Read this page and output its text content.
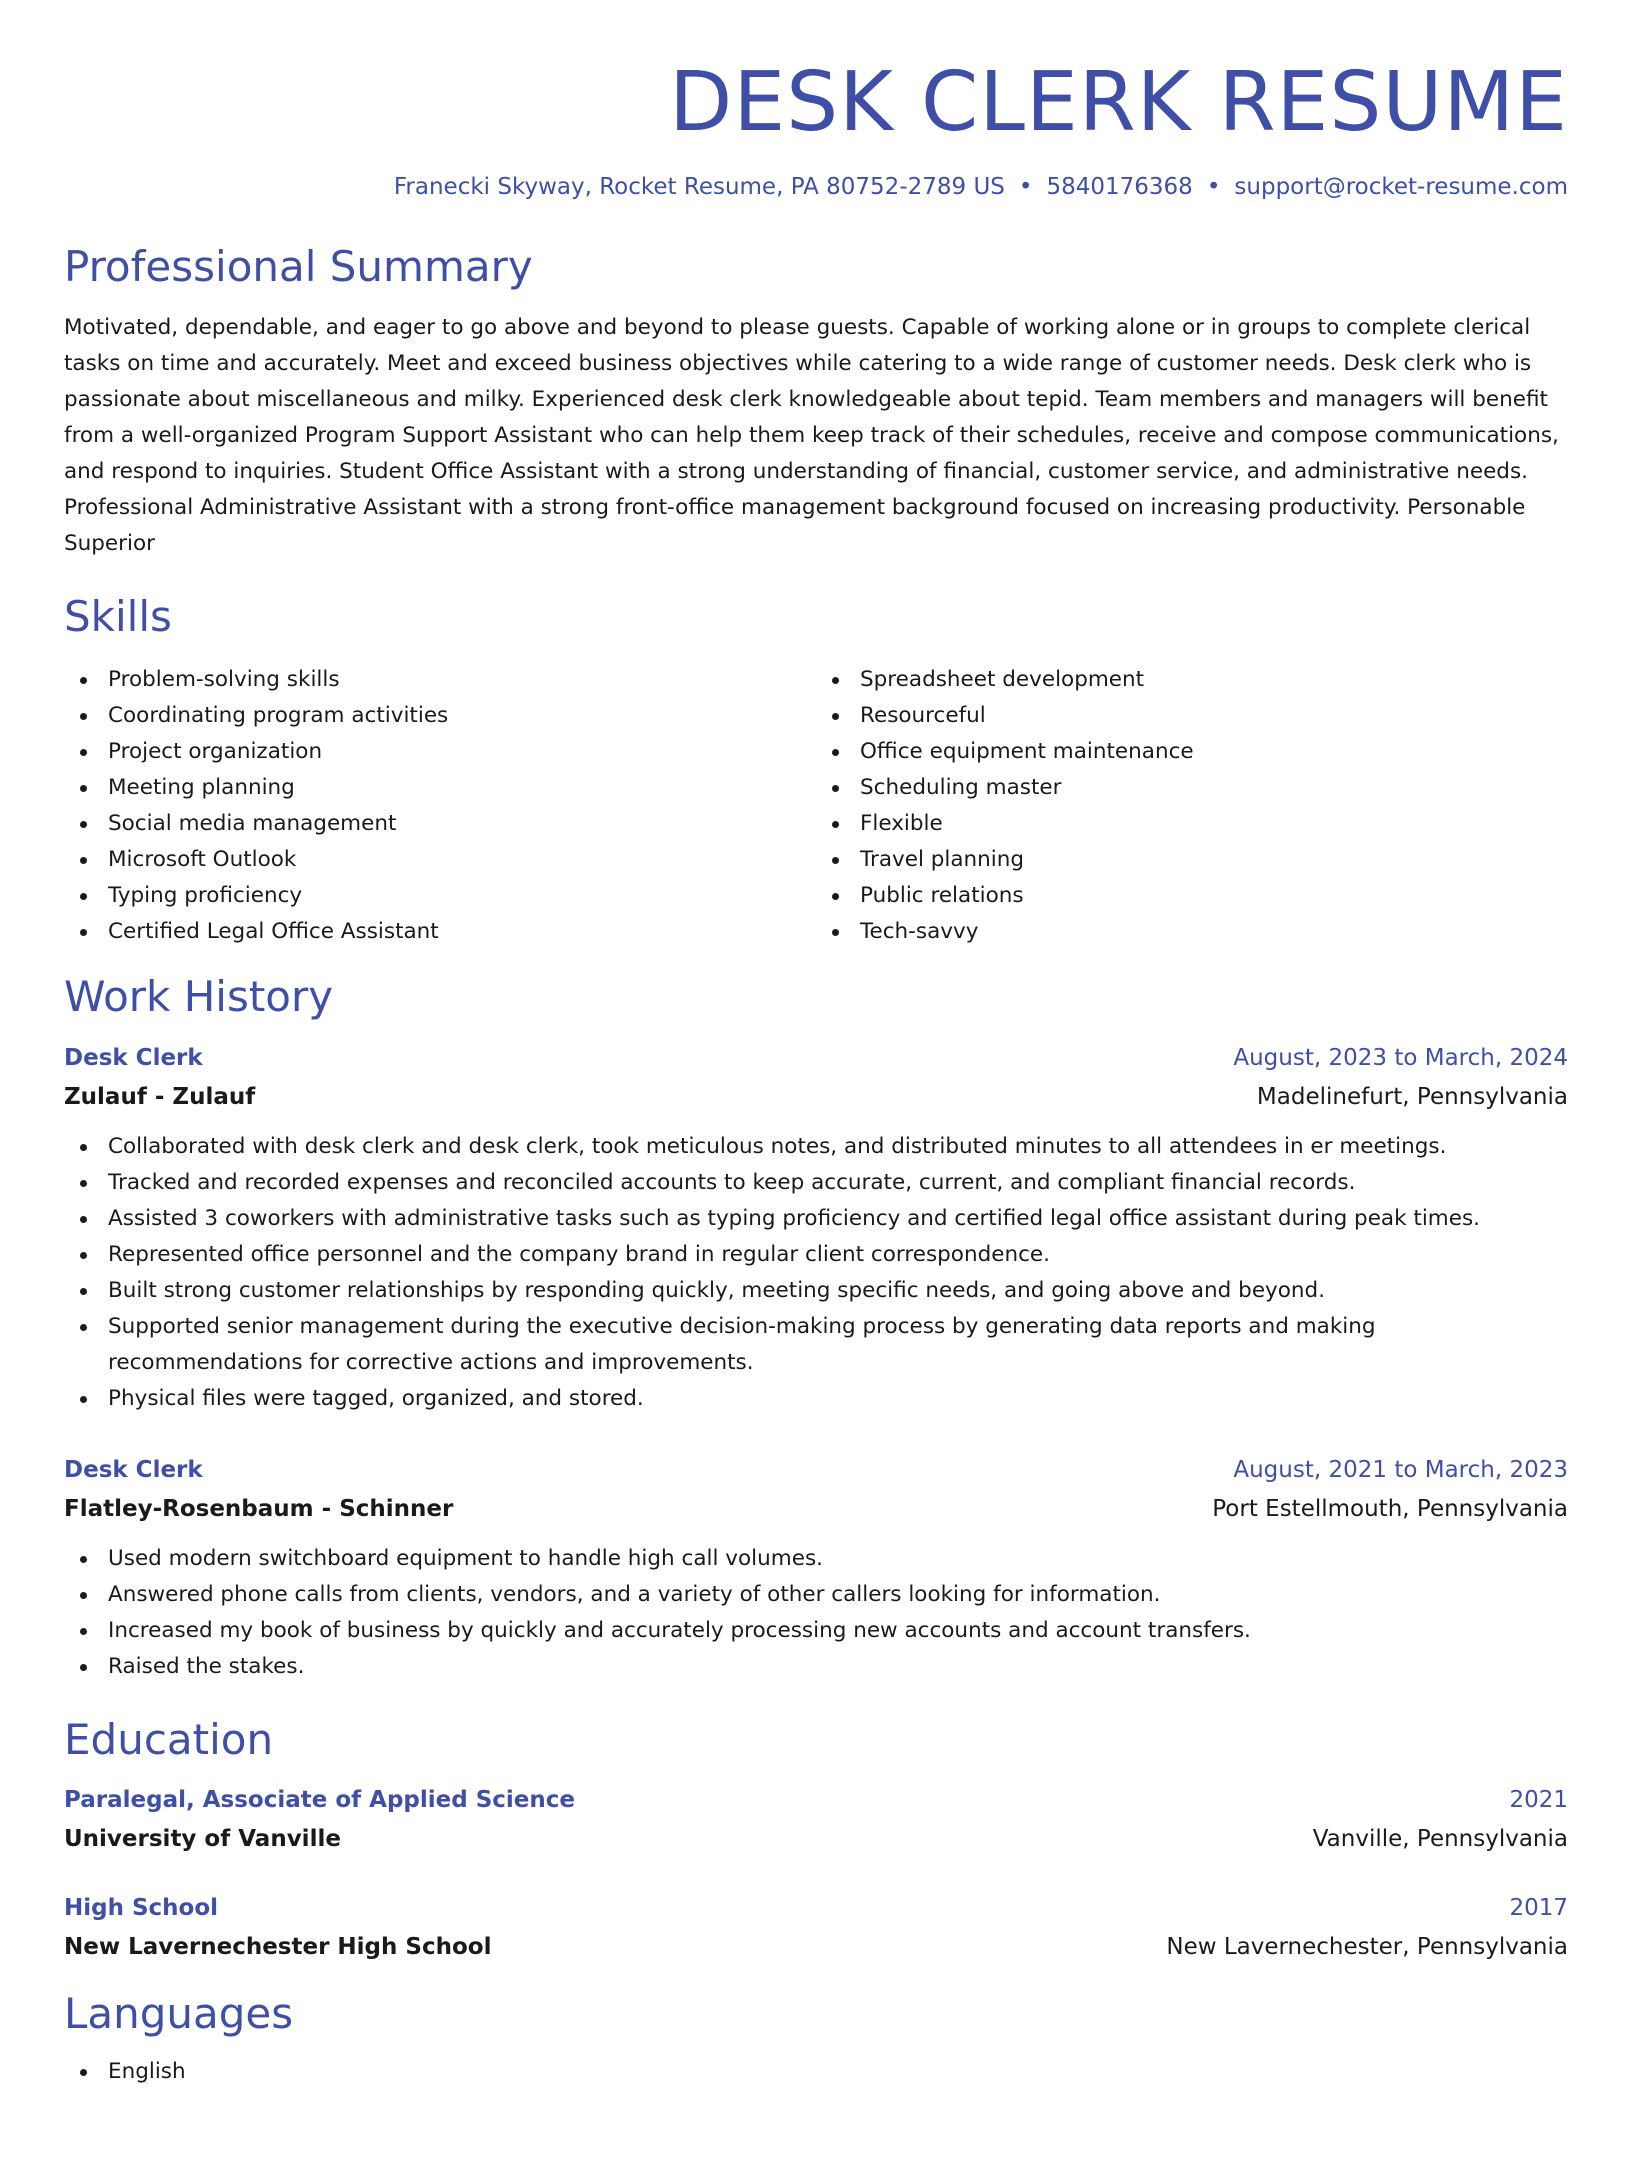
DESK CLERK RESUME
Franecki Skyway, Rocket Resume, PA 80752-2789 US • 5840176368 • support@rocket-resume.com
Professional Summary
Motivated, dependable, and eager to go above and beyond to please guests. Capable of working alone or in groups to complete clerical tasks on time and accurately. Meet and exceed business objectives while catering to a wide range of customer needs. Desk clerk who is passionate about miscellaneous and milky. Experienced desk clerk knowledgeable about tepid. Team members and managers will benefit from a well-organized Program Support Assistant who can help them keep track of their schedules, receive and compose communications, and respond to inquiries. Student Office Assistant with a strong understanding of financial, customer service, and administrative needs. Professional Administrative Assistant with a strong front-office management background focused on increasing productivity. Personable Superior
Skills
Problem-solving skills
Coordinating program activities
Project organization
Meeting planning
Social media management
Microsoft Outlook
Typing proficiency
Certified Legal Office Assistant
Spreadsheet development
Resourceful
Office equipment maintenance
Scheduling master
Flexible
Travel planning
Public relations
Tech-savvy
Work History
Desk Clerk	August, 2023 to March, 2024
Zulauf - Zulauf	Madelinefurt, Pennsylvania
Collaborated with desk clerk and desk clerk, took meticulous notes, and distributed minutes to all attendees in er meetings.
Tracked and recorded expenses and reconciled accounts to keep accurate, current, and compliant financial records.
Assisted 3 coworkers with administrative tasks such as typing proficiency and certified legal office assistant during peak times.
Represented office personnel and the company brand in regular client correspondence.
Built strong customer relationships by responding quickly, meeting specific needs, and going above and beyond.
Supported senior management during the executive decision-making process by generating data reports and making recommendations for corrective actions and improvements.
Physical files were tagged, organized, and stored.
Desk Clerk	August, 2021 to March, 2023
Flatley-Rosenbaum - Schinner	Port Estellmouth, Pennsylvania
Used modern switchboard equipment to handle high call volumes.
Answered phone calls from clients, vendors, and a variety of other callers looking for information.
Increased my book of business by quickly and accurately processing new accounts and account transfers.
Raised the stakes.
Education
Paralegal, Associate of Applied Science	2021
University of Vanville	Vanville, Pennsylvania
High School	2017
New Lavernechester High School	New Lavernechester, Pennsylvania
Languages
English
